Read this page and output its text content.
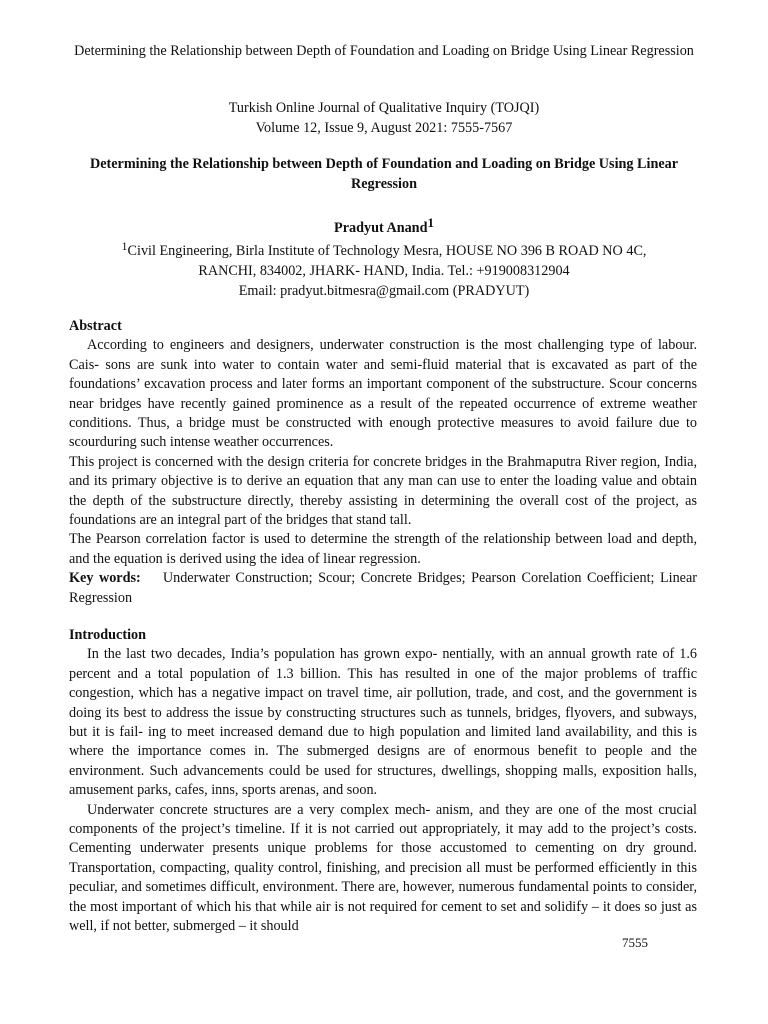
Determining the Relationship between Depth of Foundation and Loading on Bridge Using Linear Regression
Turkish Online Journal of Qualitative Inquiry (TOJQI)
Volume 12, Issue 9, August 2021: 7555-7567
Determining the Relationship between Depth of Foundation and Loading on Bridge Using Linear Regression
Pradyut Anand$^1$
$^1$Civil Engineering, Birla Institute of Technology Mesra, HOUSE NO 396 B ROAD NO 4C,
RANCHI, 834002, JHARK- HAND, India. Tel.: +919008312904
Email: pradyut.bitmesra@gmail.com (PRADYUT)

Abstract

According to engineers and designers, underwater construction is the most challenging type of labour. Cais- sons are sunk into water to contain water and semi-fluid material that is excavated as part of the foundations’ excavation process and later forms an important component of the substructure. Scour concerns near bridges have recently gained prominence as a result of the repeated occurrence of extreme weather conditions. Thus, a bridge must be constructed with enough protective measures to avoid failure due to scourduring such intense weather occurrences.

This project is concerned with the design criteria for concrete bridges in the Brahmaputra River region, India, and its primary objective is to derive an equation that any man can use to enter the loading value and obtain the depth of the substructure directly, thereby assisting in determining the overall cost of the project, as foundations are an integral part of the bridges that stand tall.

The Pearson correlation factor is used to determine the strength of the relationship between load and depth, and the equation is derived using the idea of linear regression.

Key words: Underwater Construction; Scour; Concrete Bridges; Pearson Corelation Coefficient; Linear Regression

Introduction

In the last two decades, India’s population has grown expo- nentially, with an annual growth rate of 1.6 percent and a total population of 1.3 billion. This has resulted in one of the major problems of traffic congestion, which has a negative impact on travel time, air pollution, trade, and cost, and the government is doing its best to address the issue by constructing structures such as tunnels, bridges, flyovers, and subways, but it is fail- ing to meet increased demand due to high population and limited land availability, and this is where the importance comes in. The submerged designs are of enormous benefit to people and the environment. Such advancements could be used for structures, dwellings, shopping malls, exposition halls, amusement parks, cafes, inns, sports arenas, and soon.

Underwater concrete structures are a very complex mech- anism, and they are one of the most crucial components of the project’s timeline. If it is not carried out appropriately, it may add to the project’s costs. Cementing underwater presents unique problems for those accustomed to cementing on dry ground. Transportation, compacting, quality control, finishing, and precision all must be performed efficiently in this peculiar, and sometimes difficult, environment. There are, however, numerous fundamental points to consider, the most important of which his that while air is not required for cement to set and solidify – it does so just as well, if not better, submerged – it should

7555
